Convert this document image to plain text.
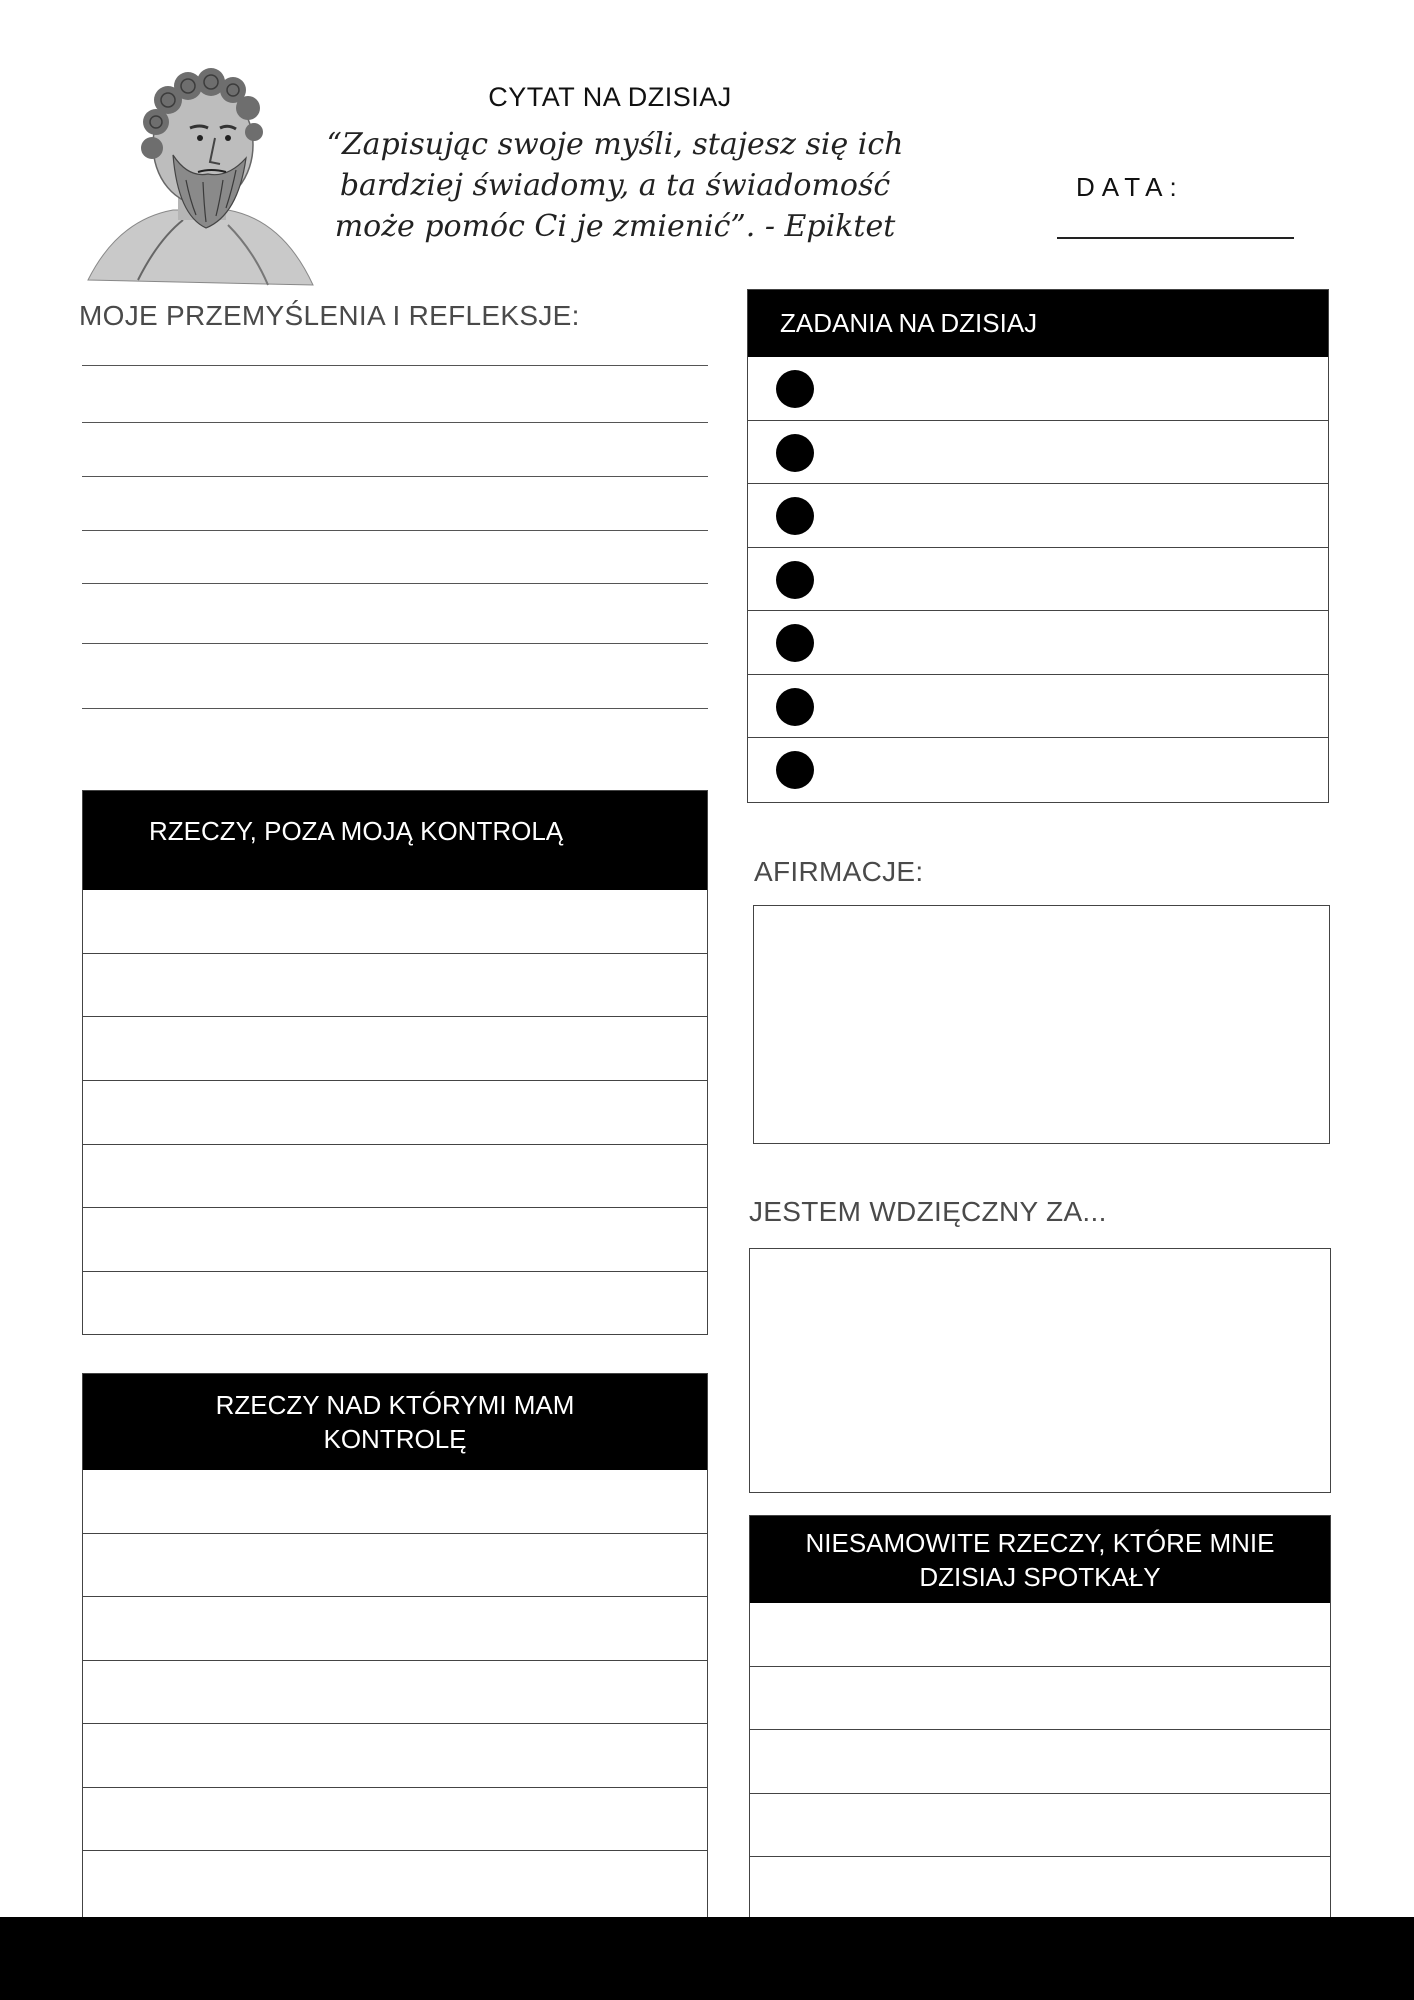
CYTAT NA DZISIAJ
“Zapisując swoje myśli, stajesz się ich bardziej świadomy, a ta świadomość może pomóc Ci je zmienić”. - Epiktet
DATA:
MOJE PRZEMYŚLENIA I REFLEKSJE:	ZADANIA NA DZISIAJ
RZECZY, POZA MOJĄ KONTROLĄ
RZECZY NAD KTÓRYMI MAM KONTROLĘ
AFIRMACJE:
JESTEM WDZIĘCZNY ZA...
NIESAMOWITE RZECZY, KTÓRE MNIE DZISIAJ SPOTKAŁY
